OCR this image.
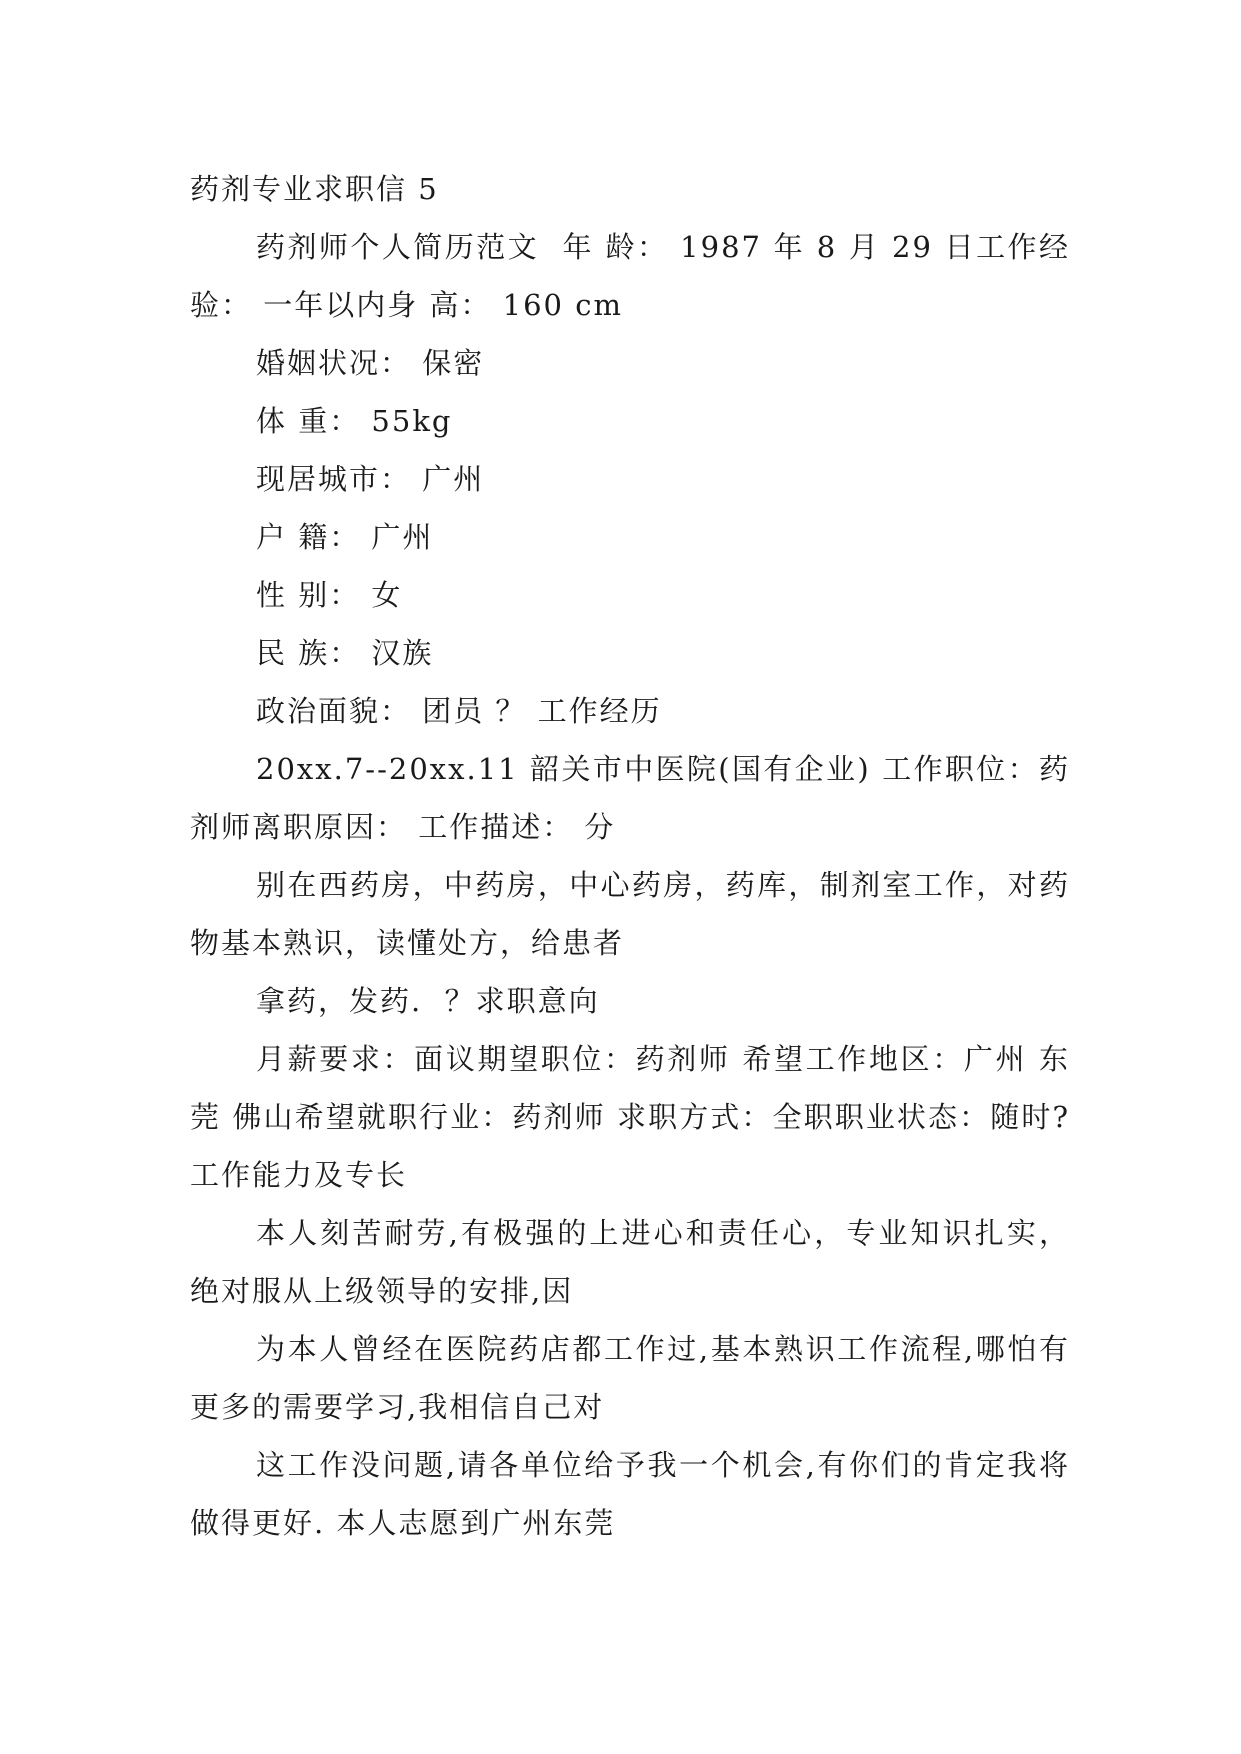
药剂专业求职信 5

药剂师个人简历范文  年 龄： 1987 年 8 月 29 日工作经验： 一年以内身 高： 160 cm

婚姻状况： 保密

体 重： 55kg

现居城市： 广州

户 籍： 广州

性 别： 女

民 族： 汉族

政治面貌： 团员 ？ 工作经历

20xx.7--20xx.11 韶关市中医院(国有企业) 工作职位：药剂师离职原因： 工作描述： 分

别在西药房，中药房，中心药房，药库，制剂室工作，对药物基本熟识，读懂处方，给患者

拿药，发药.  ？求职意向

月薪要求：面议期望职位：药剂师 希望工作地区：广州 东莞 佛山希望就职行业：药剂师 求职方式：全职职业状态：随时? 工作能力及专长

本人刻苦耐劳,有极强的上进心和责任心，专业知识扎实，绝对服从上级领导的安排,因

为本人曾经在医院药店都工作过,基本熟识工作流程,哪怕有更多的需要学习,我相信自己对

这工作没问题,请各单位给予我一个机会,有你们的肯定我将做得更好. 本人志愿到广州东莞
